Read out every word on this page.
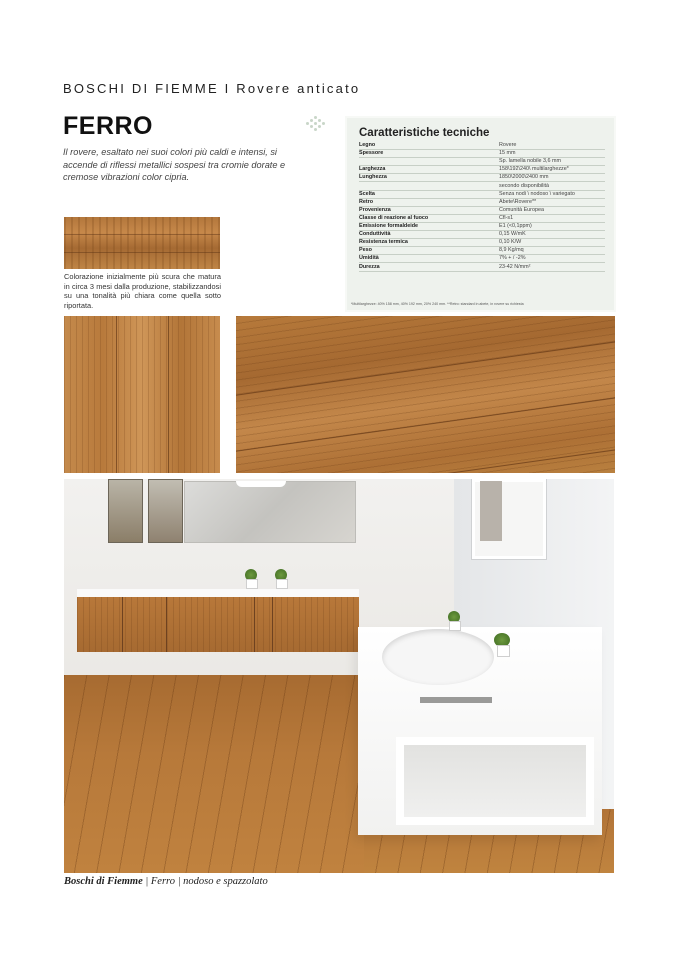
BOSCHI DI FIEMME I Rovere anticato
FERRO
Il rovere, esaltato nei suoi colori più caldi e intensi, si accende di riflessi metallici sospesi tra cromie dorate e cremose vibrazioni color cipria.
Colorazione inizialmente più scura che matura in circa 3 mesi dalla produzione, stabilizzandosi su una tonalità più chiara come quella sotto riportata.
Caratteristiche tecniche
Legno	Rovere
Spessore	15 mm
	Sp. lamella nobile 3,6 mm
Larghezza	158\192\240\ multilarghezze*
Lunghezza	1850\2000\2400 mm
	secondo disponibilità
Scelta	Senza nodi \ nodoso \ variegato
Retro	Abete\Rovere**
Provenienza	Comunità Europea
Classe di reazione al fuoco	Cfl-s1
Emissione formaldeide	E1 (<0,1ppm)
Conduttività	0,15 W/mK
Resistenza termica	0,10 K/W
Peso	8,9 Kg/mq
Umidità	7% + / -2%
Durezza	23-42 N/mm²
*Multilarghezze: 40% 158 mm, 40% 192 mm, 20% 240 mm. **Retro: standard in abete, in rovere su richiesta
Boschi di Fiemme | Ferro | nodoso e spazzolato
